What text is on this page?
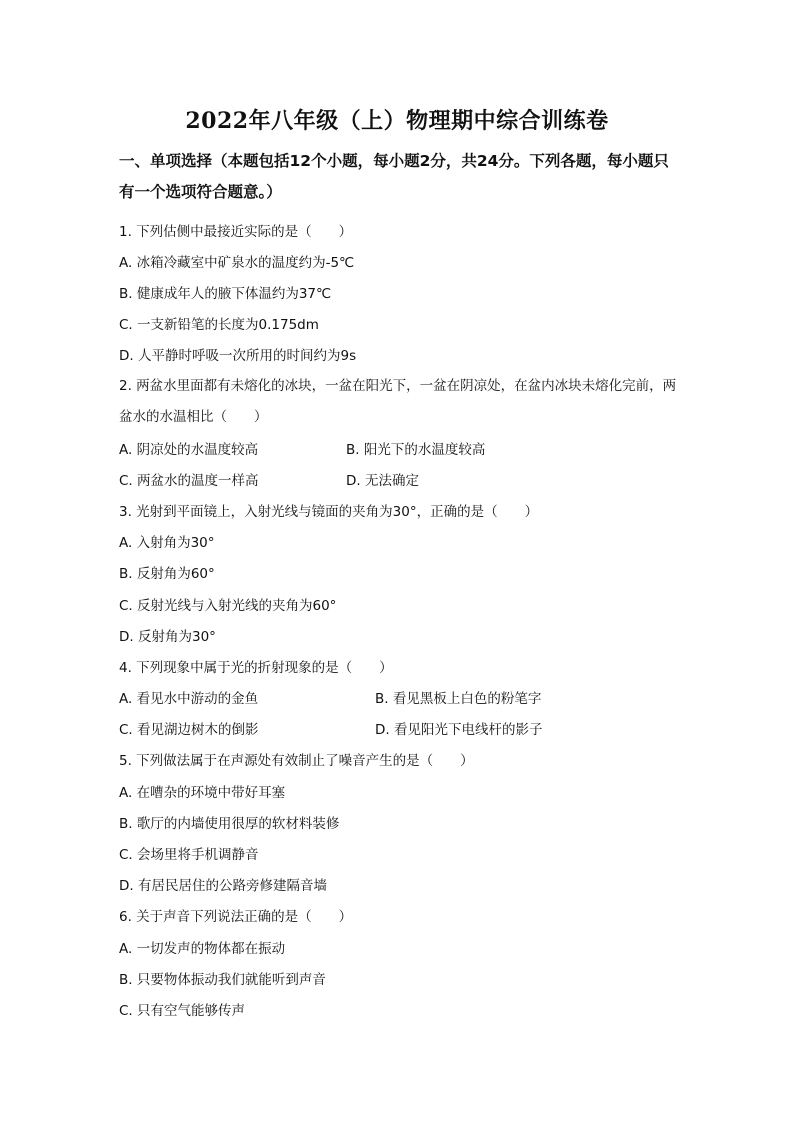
2022年八年级（上）物理期中综合训练卷
一、单项选择（本题包括12个小题，每小题2分，共24分。下列各题，每小题只有一个选项符合题意。）
1. 下列估侧中最接近实际的是（　　）
A. 冰箱冷藏室中矿泉水的温度约为-5℃
B. 健康成年人的腋下体温约为37℃
C. 一支新铅笔的长度为0.175dm
D. 人平静时呼吸一次所用的时间约为9s
2. 两盆水里面都有未熔化的冰块，一盆在阳光下，一盆在阴凉处，在盆内冰块未熔化完前，两盆水的水温相比（　　）
A. 阴凉处的水温度较高	B. 阳光下的水温度较高
C. 两盆水的温度一样高	D. 无法确定
3. 光射到平面镜上，入射光线与镜面的夹角为30°，正确的是（　　）
A. 入射角为30°
B. 反射角为60°
C. 反射光线与入射光线的夹角为60°
D. 反射角为30°
4. 下列现象中属于光的折射现象的是（　　）
A. 看见水中游动的金鱼	B. 看见黑板上白色的粉笔字
C. 看见湖边树木的倒影	D. 看见阳光下电线杆的影子
5. 下列做法属于在声源处有效制止了噪音产生的是（　　）
A. 在嘈杂的环境中带好耳塞
B. 歌厅的内墙使用很厚的软材料装修
C. 会场里将手机调静音
D. 有居民居住的公路旁修建隔音墙
6. 关于声音下列说法正确的是（　　）
A. 一切发声的物体都在振动
B. 只要物体振动我们就能听到声音
C. 只有空气能够传声
